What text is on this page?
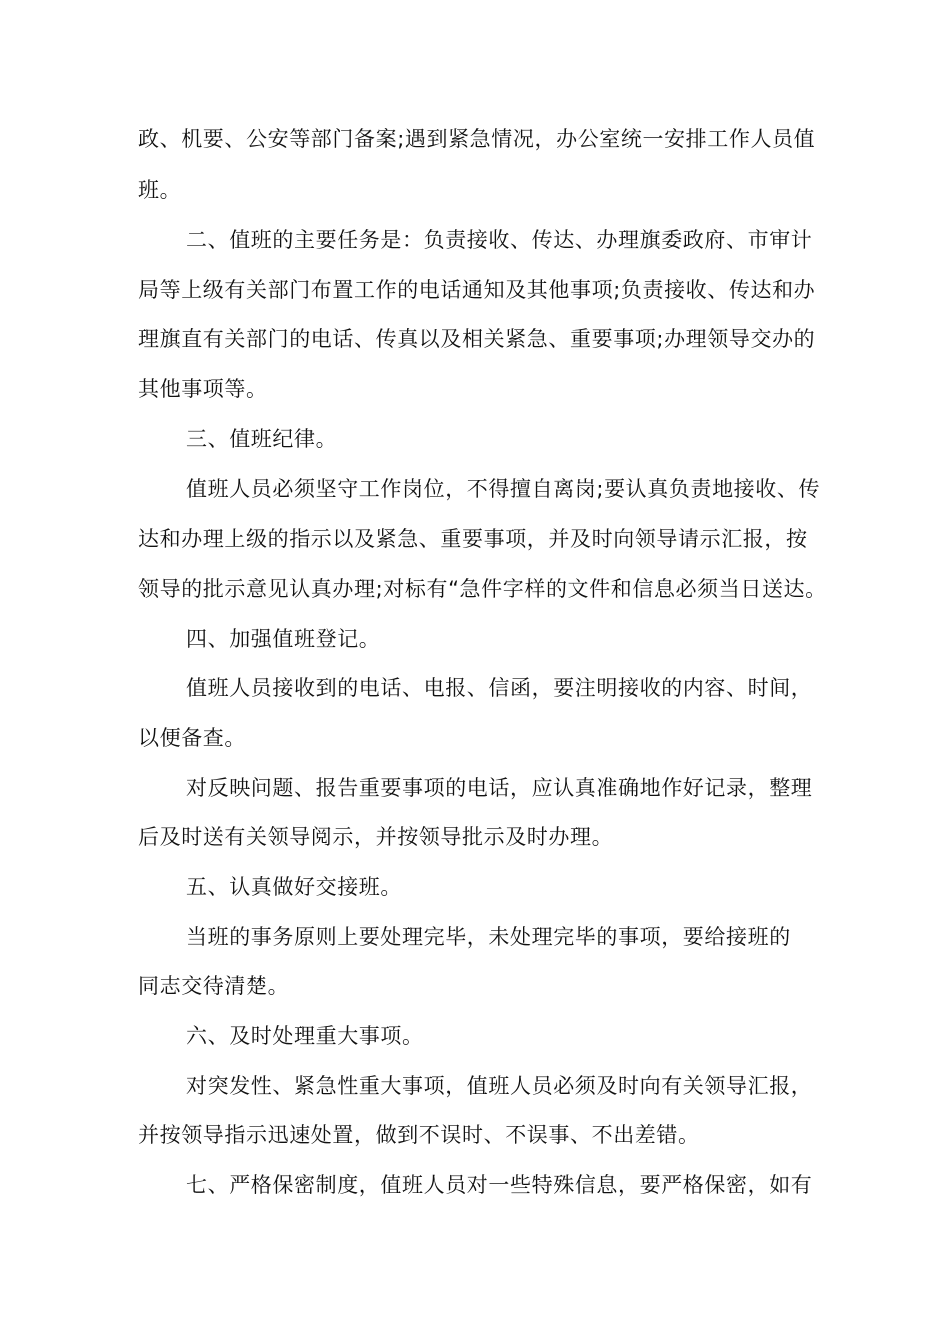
政、机要、公安等部门备案;遇到紧急情况，办公室统一安排工作人员值
班。
二、值班的主要任务是：负责接收、传达、办理旗委政府、市审计
局等上级有关部门布置工作的电话通知及其他事项;负责接收、传达和办
理旗直有关部门的电话、传真以及相关紧急、重要事项;办理领导交办的
其他事项等。
三、值班纪律。
值班人员必须坚守工作岗位，不得擅自离岗;要认真负责地接收、传
达和办理上级的指示以及紧急、重要事项，并及时向领导请示汇报，按
领导的批示意见认真办理;对标有“急件字样的文件和信息必须当日送达。
四、加强值班登记。
值班人员接收到的电话、电报、信函，要注明接收的内容、时间，
以便备查。
对反映问题、报告重要事项的电话，应认真准确地作好记录，整理
后及时送有关领导阅示，并按领导批示及时办理。
五、认真做好交接班。
当班的事务原则上要处理完毕，未处理完毕的事项，要给接班的
同志交待清楚。
六、及时处理重大事项。
对突发性、紧急性重大事项，值班人员必须及时向有关领导汇报，
并按领导指示迅速处置，做到不误时、不误事、不出差错。
七、严格保密制度，值班人员对一些特殊信息，要严格保密，如有
